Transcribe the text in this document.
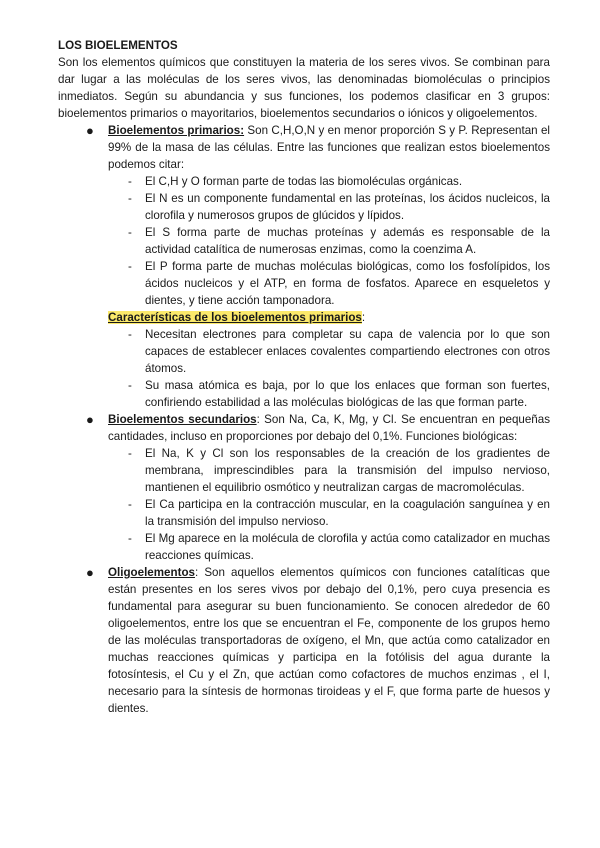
LOS BIOELEMENTOS

Son los elementos químicos que constituyen la materia de los seres vivos. Se combinan para dar lugar a las moléculas de los seres vivos, las denominadas biomoléculas o principios inmediatos. Según su abundancia y sus funciones, los podemos clasificar en 3 grupos: bioelementos primarios o mayoritarios, bioelementos secundarios o iónicos y oligoelementos.

● Bioelementos primarios: Son C,H,O,N y en menor proporción S y P. Representan el 99% de la masa de las células. Entre las funciones que realizan estos bioelementos podemos citar:
- El C,H y O forman parte de todas las biomoléculas orgánicas.
- El N es un componente fundamental en las proteínas, los ácidos nucleicos, la clorofila y numerosos grupos de glúcidos y lípidos.
- El S forma parte de muchas proteínas y además es responsable de la actividad catalítica de numerosas enzimas, como la coenzima A.
- El P forma parte de muchas moléculas biológicas, como los fosfolípidos, los ácidos nucleicos y el ATP, en forma de fosfatos. Aparece en esqueletos y dientes, y tiene acción tamponadora.
Características de los bioelementos primarios:
- Necesitan electrones para completar su capa de valencia por lo que son capaces de establecer enlaces covalentes compartiendo electrones con otros átomos.
- Su masa atómica es baja, por lo que los enlaces que forman son fuertes, confiriendo estabilidad a las moléculas biológicas de las que forman parte.
● Bioelementos secundarios: Son Na, Ca, K, Mg, y Cl. Se encuentran en pequeñas cantidades, incluso en proporciones por debajo del 0,1%. Funciones biológicas:
- El Na, K y Cl son los responsables de la creación de los gradientes de membrana, imprescindibles para la transmisión del impulso nervioso, mantienen el equilibrio osmótico y neutralizan cargas de macromoléculas.
- El Ca participa en la contracción muscular, en la coagulación sanguínea y en la transmisión del impulso nervioso.
- El Mg aparece en la molécula de clorofila y actúa como catalizador en muchas reacciones químicas.
● Oligoelementos: Son aquellos elementos químicos con funciones catalíticas que están presentes en los seres vivos por debajo del 0,1%, pero cuya presencia es fundamental para asegurar su buen funcionamiento. Se conocen alrededor de 60 oligoelementos, entre los que se encuentran el Fe, componente de los grupos hemo de las moléculas transportadoras de oxígeno, el Mn, que actúa como catalizador en muchas reacciones químicas y participa en la fotólisis del agua durante la fotosíntesis, el Cu y el Zn, que actúan como cofactores de muchos enzimas , el I, necesario para la síntesis de hormonas tiroideas y el F, que forma parte de huesos y dientes.
